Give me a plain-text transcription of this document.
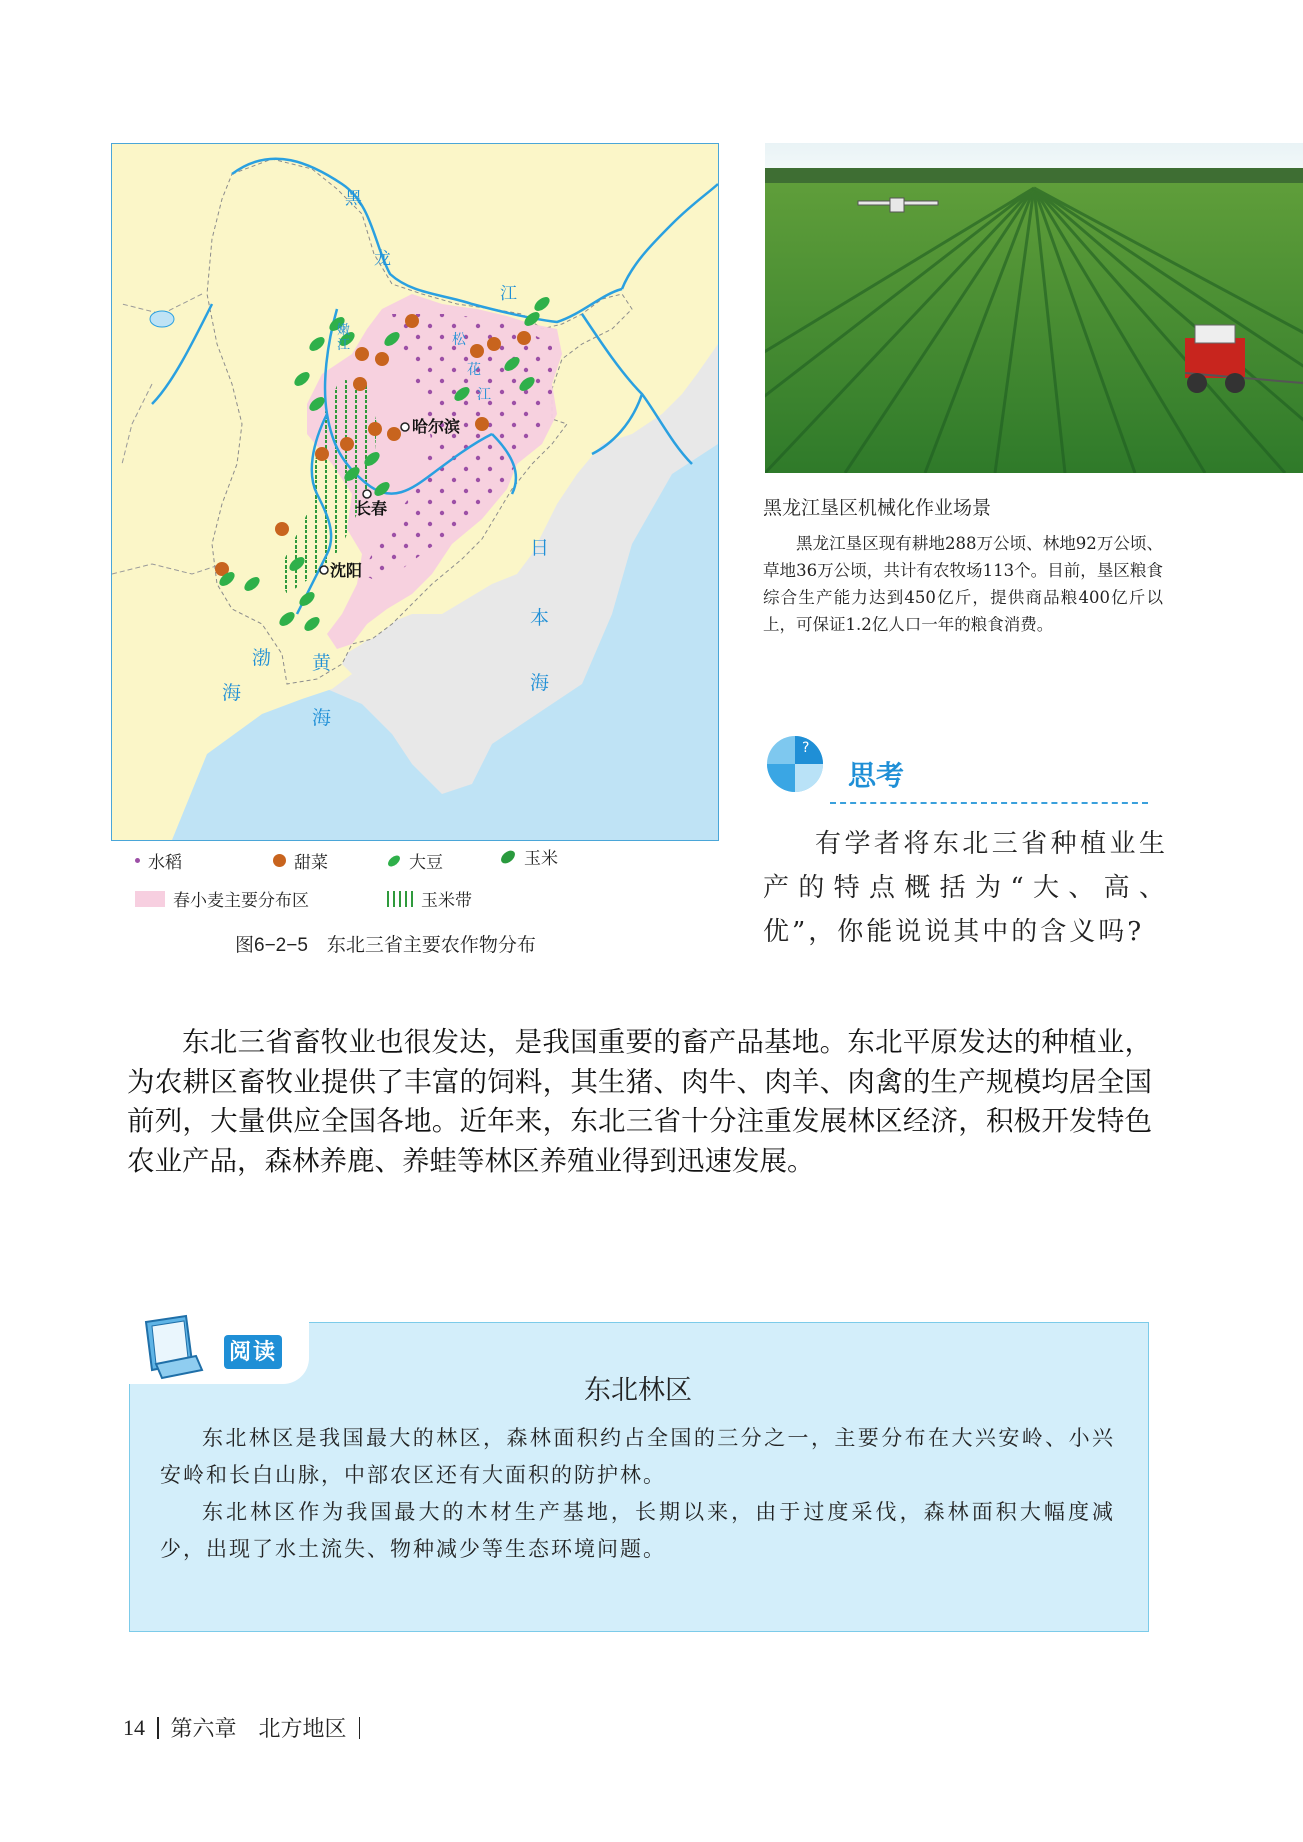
黑
龙
江
嫩
江	松
花
江
渤
海
黄
海
日
本
海
哈尔滨
长春
沈阳
水稻	甜菜	大豆	玉米
春小麦主要分布区	玉米带
图6−2−5　东北三省主要农作物分布
黑龙江垦区机械化作业场景
黑龙江垦区现有耕地288万公顷、林地92万公顷、草地36万公顷，共计有农牧场113个。目前，垦区粮食综合生产能力达到450亿斤，提供商品粮400亿斤以上，可保证1.2亿人口一年的粮食消费。
?
思考
有学者将东北三省种植业生产的特点概括为“大、高、优”，你能说说其中的含义吗?
东北三省畜牧业也很发达，是我国重要的畜产品基地。东北平原发达的种植业，为农耕区畜牧业提供了丰富的饲料，其生猪、肉牛、肉羊、肉禽的生产规模均居全国前列，大量供应全国各地。近年来，东北三省十分注重发展林区经济，积极开发特色农业产品，森林养鹿、养蛙等林区养殖业得到迅速发展。
阅读
东北林区

东北林区是我国最大的林区，森林面积约占全国的三分之一，主要分布在大兴安岭、小兴安岭和长白山脉，中部农区还有大面积的防护林。

东北林区作为我国最大的木材生产基地，长期以来，由于过度采伐，森林面积大幅度减少，出现了水土流失、物种减少等生态环境问题。

14 第六章　北方地区
